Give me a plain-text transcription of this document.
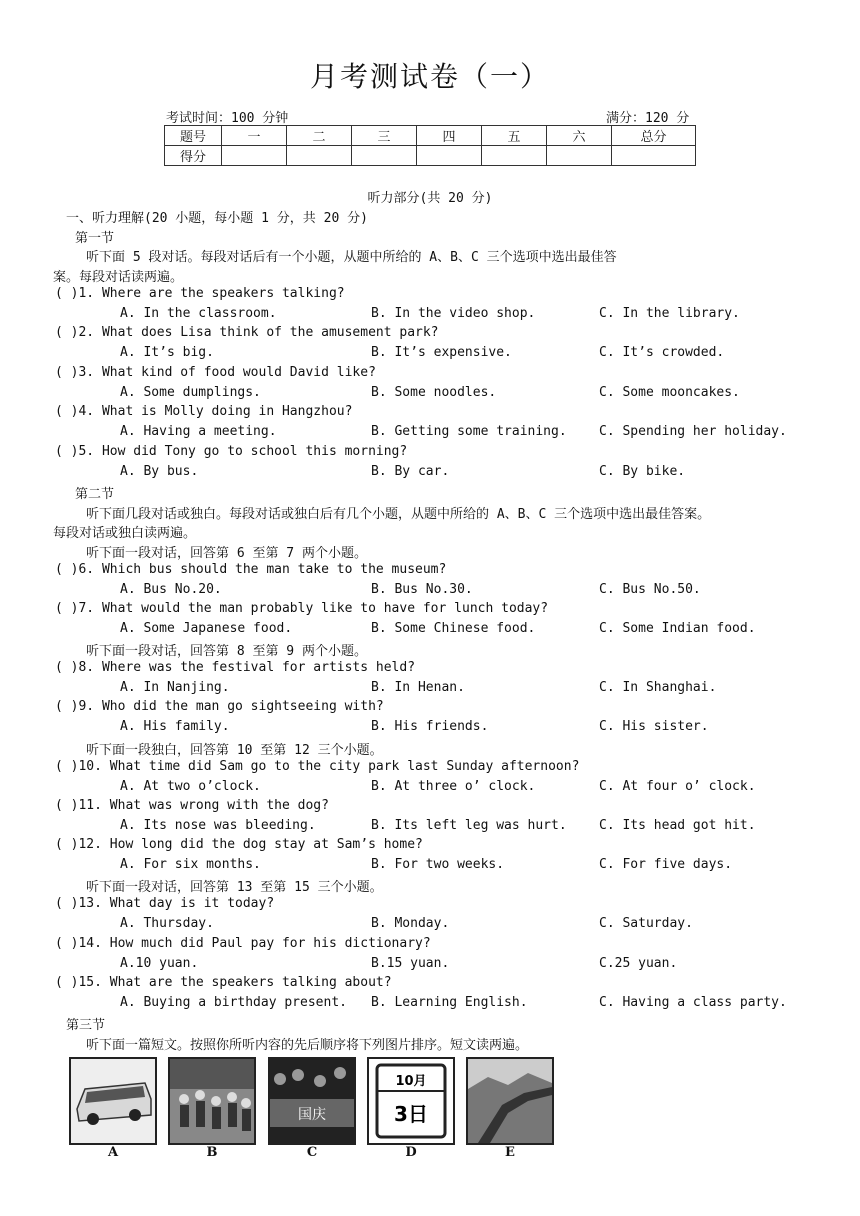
月考测试卷（一）
考试时间：100 分钟	满分：120 分
题号	一	二	三	四	五	六	总分
得分							
听力部分(共 20 分)
一、听力理解(20 小题，每小题 1 分，共 20 分)
第一节
听下面 5 段对话。每段对话后有一个小题，从题中所给的 A、B、C 三个选项中选出最佳答
案。每段对话读两遍。
( )1. Where are the speakers talking?
A. In the classroom.	B. In the video shop.	C. In the library.
( )2. What does Lisa think of the amusement park?
A. It’s big.	B. It’s expensive.	C. It’s crowded.
( )3. What kind of food would David like?
A. Some dumplings.	B. Some noodles.	C. Some mooncakes.
( )4. What is Molly doing in Hangzhou?
A. Having a meeting.	B. Getting some training. C. Spending her holiday.
( )5. How did Tony go to school this morning?
A. By bus.	B. By car.	C. By bike.
第二节
听下面几段对话或独白。每段对话或独白后有几个小题，从题中所给的 A、B、C 三个选项中选出最佳答案。
每段对话或独白读两遍。
听下面一段对话，回答第 6 至第 7 两个小题。
听下面一段对话，回答第 8 至第 9 两个小题。
听下面一段独白，回答第 10 至第 12 三个小题。
听下面一段对话，回答第 13 至第 15 三个小题。
( )6. Which bus should the man take to the museum?
A. Bus No.20.	B. Bus No.30.	C. Bus No.50.
( )7. What would the man probably like to have for lunch today?
A. Some Japanese food.	B. Some Chinese food.	C. Some Indian food.
( )8. Where was the festival for artists held?
A. In Nanjing.	B. In Henan.	C. In Shanghai.
( )9. Who did the man go sightseeing with?
A. His family.	B. His friends.	C. His sister.
( )10. What time did Sam go to the city park last Sunday afternoon?
A. At two o’clock.	B. At three o’ clock.	C. At four o’ clock.
( )11. What was wrong with the dog?
A. Its nose was bleeding.	B. Its left leg was hurt. C. Its head got hit.
( )12. How long did the dog stay at Sam’s home?
A. For six months.	B. For two weeks.	C. For five days.
( )13. What day is it today?
A. Thursday.	B. Monday.	C. Saturday.
( )14. How much did Paul pay for his dictionary?
A.10 yuan.	B.15 yuan.	C.25 yuan.
( )15. What are the speakers talking about?
A. Buying a birthday present. B. Learning English.	C. Having a class party.
第三节
听下面一篇短文。按照你所听内容的先后顺序将下列图片排序。短文读两遍。
国庆
10月
3日
A	B	C	D	E
